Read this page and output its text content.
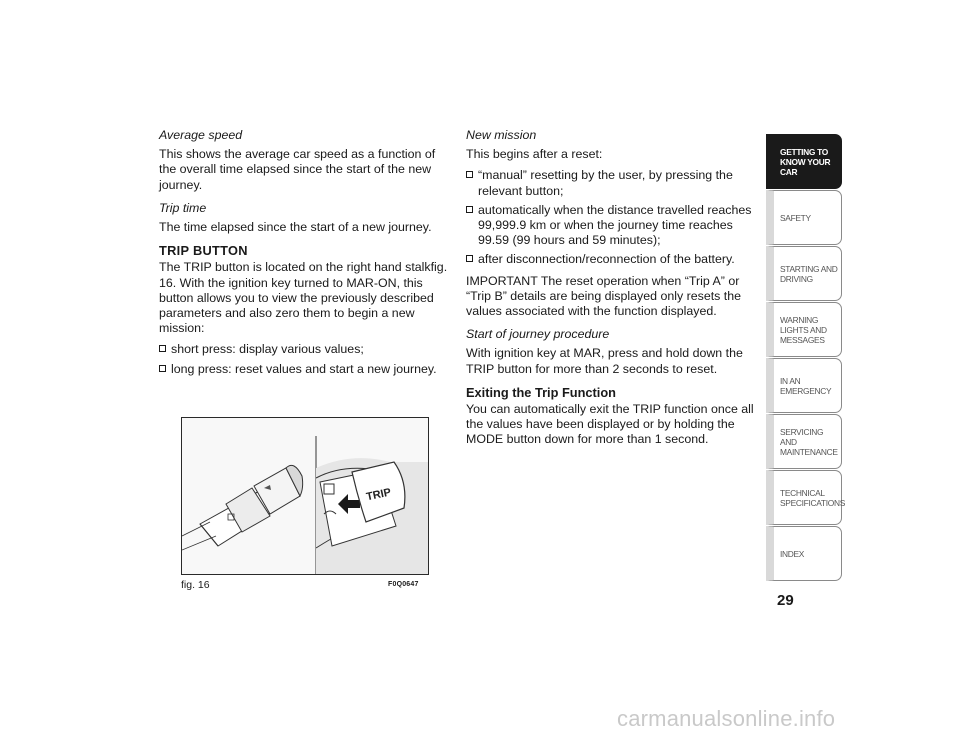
Average speed

This shows the average car speed as a function of the overall time elapsed since the start of the new journey.

Trip time

The time elapsed since the start of a new journey.

TRIP BUTTON

The TRIP button is located on the right hand stalkfig. 16. With the ignition key turned to MAR-ON, this button allows you to view the previously described parameters and also zero them to begin a new mission:

short press: display various values;
long press: reset values and start a new journey.

New mission

This begins after a reset:

“manual” resetting by the user, by pressing the relevant button;
automatically when the distance travelled reaches 99,999.9 km or when the journey time reaches 99.59 (99 hours and 59 minutes);
after disconnection/reconnection of the battery.

IMPORTANT The reset operation when “Trip A” or “Trip B” details are being displayed only resets the values associated with the function displayed.

Start of journey procedure

With ignition key at MAR, press and hold down the TRIP button for more than 2 seconds to reset.

Exiting the Trip Function

You can automatically exit the TRIP function once all the values have been displayed or by holding the MODE button down for more than 1 second.

TRIP
fig. 16	F0Q0647
GETTING TO KNOW YOUR CAR
SAFETY
STARTING AND DRIVING
WARNING LIGHTS AND MESSAGES
IN AN EMERGENCY
SERVICING AND MAINTENANCE
TECHNICAL SPECIFICATIONS
INDEX
29
carmanualsonline.info
